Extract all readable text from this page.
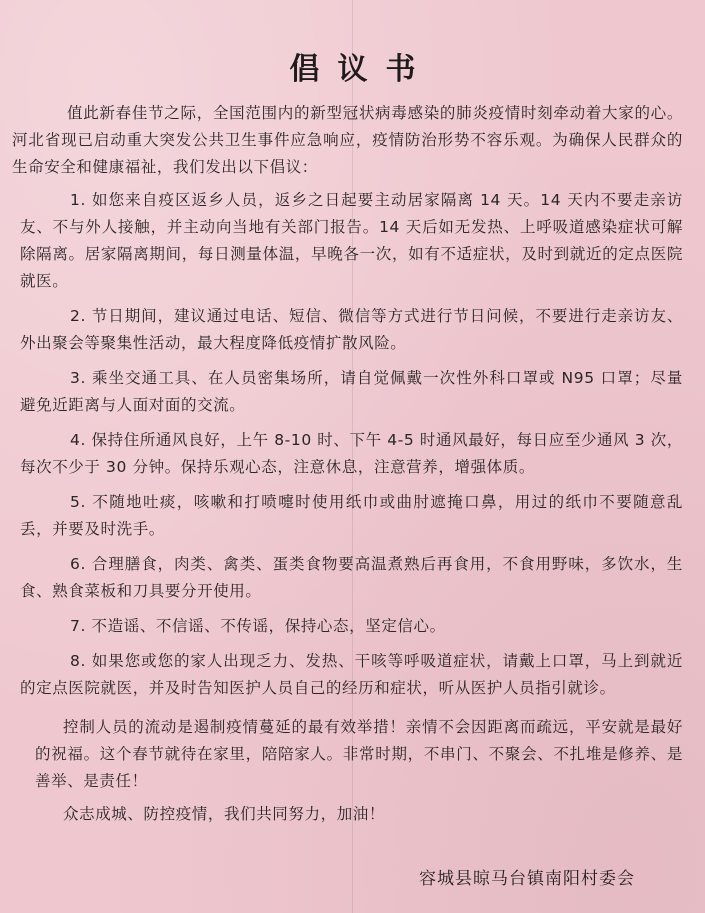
倡议书

值此新春佳节之际，全国范围内的新型冠状病毒感染的肺炎疫情时刻牵动着大家的心。河北省现已启动重大突发公共卫生事件应急响应，疫情防治形势不容乐观。为确保人民群众的生命安全和健康福祉，我们发出以下倡议：

1. 如您来自疫区返乡人员，返乡之日起要主动居家隔离 14 天。14 天内不要走亲访友、不与外人接触，并主动向当地有关部门报告。14 天后如无发热、上呼吸道感染症状可解除隔离。居家隔离期间，每日测量体温，早晚各一次，如有不适症状，及时到就近的定点医院就医。

2. 节日期间，建议通过电话、短信、微信等方式进行节日问候，不要进行走亲访友、外出聚会等聚集性活动，最大程度降低疫情扩散风险。

3. 乘坐交通工具、在人员密集场所，请自觉佩戴一次性外科口罩或 N95 口罩；尽量避免近距离与人面对面的交流。

4. 保持住所通风良好，上午 8-10 时、下午 4-5 时通风最好，每日应至少通风 3 次，每次不少于 30 分钟。保持乐观心态，注意休息，注意营养，增强体质。

5. 不随地吐痰，咳嗽和打喷嚏时使用纸巾或曲肘遮掩口鼻，用过的纸巾不要随意乱丢，并要及时洗手。

6. 合理膳食，肉类、禽类、蛋类食物要高温煮熟后再食用，不食用野味，多饮水，生食、熟食菜板和刀具要分开使用。

7. 不造谣、不信谣、不传谣，保持心态，坚定信心。

8. 如果您或您的家人出现乏力、发热、干咳等呼吸道症状，请戴上口罩，马上到就近的定点医院就医，并及时告知医护人员自己的经历和症状，听从医护人员指引就诊。

控制人员的流动是遏制疫情蔓延的最有效举措！亲情不会因距离而疏远，平安就是最好的祝福。这个春节就待在家里，陪陪家人。非常时期，不串门、不聚会、不扎堆是修养、是善举、是责任！

众志成城、防控疫情，我们共同努力，加油！

容城县晾马台镇南阳村委会
